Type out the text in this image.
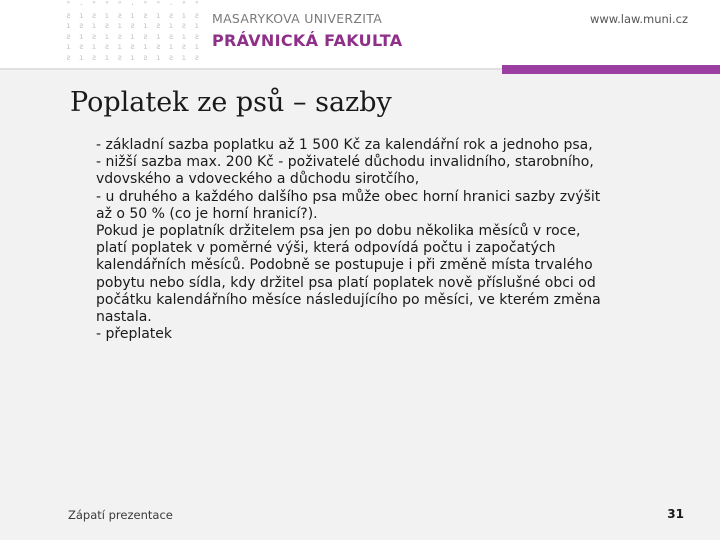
° · ° ° ° · ° ° · ° °
ƨ ı ƨ ı ƨ ı ƨ ı ƨ ı ƨ
ı ƨ ı ƨ ı ƨ ı ƨ ı ƨ ı
ƨ ı ƨ ı ƨ ı ƨ ı ƨ ı ƨ
ı ƨ ı ƨ ı ƨ ı ƨ ı ƨ ı
ƨ ı ƨ ı ƨ ı ƨ ı ƨ ı ƨ
MASARYKOVA UNIVERZITA
PRÁVNICKÁ FAKULTA
www.law.muni.cz
Poplatek ze psů – sazby
- základní sazba poplatku až 1 500 Kč za kalendářní rok a jednoho psa,
- nižší sazba max. 200 Kč - poživatelé důchodu invalidního, starobního,
vdovského a vdoveckého a důchodu sirotčího,
- u druhého a každého dalšího psa může obec horní hranici sazby zvýšit
až o 50 % (co je horní hranicí?).
Pokud je poplatník držitelem psa jen po dobu několika měsíců v roce,
platí poplatek v poměrné výši, která odpovídá počtu i započatých
kalendářních měsíců. Podobně se postupuje i při změně místa trvalého
pobytu nebo sídla, kdy držitel psa platí poplatek nově příslušné obci od
počátku kalendářního měsíce následujícího po měsíci, ve kterém změna
nastala.
- přeplatek
Zápatí prezentace	31
